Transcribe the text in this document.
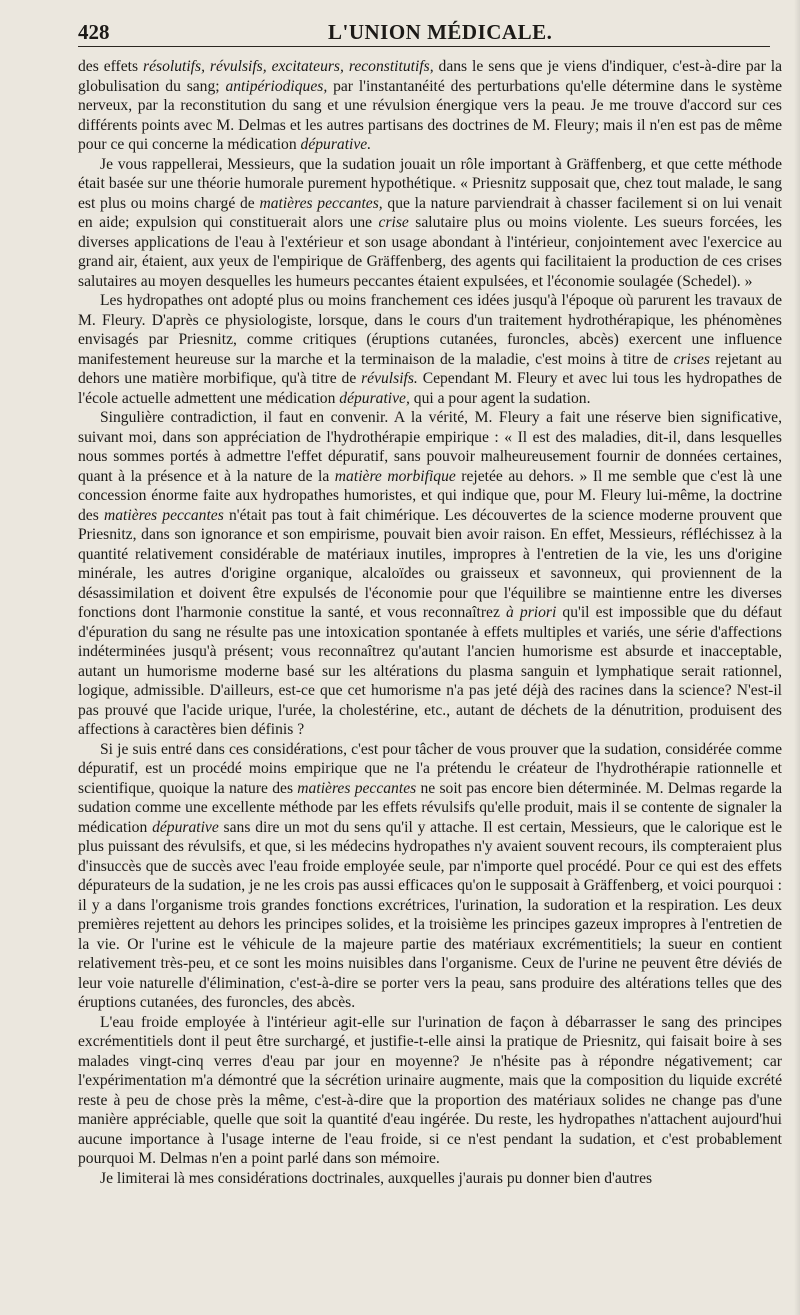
428	L'UNION MÉDICALE.

des effets résolutifs, révulsifs, excitateurs, reconstitutifs, dans le sens que je viens d'indiquer, c'est-à-dire par la globulisation du sang; antipériodiques, par l'instantanéité des perturbations qu'elle détermine dans le système nerveux, par la reconstitution du sang et une révulsion énergique vers la peau. Je me trouve d'accord sur ces différents points avec M. Delmas et les autres partisans des doctrines de M. Fleury; mais il n'en est pas de même pour ce qui concerne la médication dépurative.

Je vous rappellerai, Messieurs, que la sudation jouait un rôle important à Gräffenberg, et que cette méthode était basée sur une théorie humorale purement hypothétique. « Priesnitz supposait que, chez tout malade, le sang est plus ou moins chargé de matières peccantes, que la nature parviendrait à chasser facilement si on lui venait en aide; expulsion qui constituerait alors une crise salutaire plus ou moins violente. Les sueurs forcées, les diverses applications de l'eau à l'extérieur et son usage abondant à l'intérieur, conjointement avec l'exercice au grand air, étaient, aux yeux de l'empirique de Gräffenberg, des agents qui facilitaient la production de ces crises salutaires au moyen desquelles les humeurs peccantes étaient expulsées, et l'économie soulagée (Schedel). »

Les hydropathes ont adopté plus ou moins franchement ces idées jusqu'à l'époque où parurent les travaux de M. Fleury. D'après ce physiologiste, lorsque, dans le cours d'un traitement hydrothérapique, les phénomènes envisagés par Priesnitz, comme critiques (éruptions cutanées, furoncles, abcès) exercent une influence manifestement heureuse sur la marche et la terminaison de la maladie, c'est moins à titre de crises rejetant au dehors une matière morbifique, qu'à titre de révulsifs. Cependant M. Fleury et avec lui tous les hydropathes de l'école actuelle admettent une médication dépurative, qui a pour agent la sudation.

Singulière contradiction, il faut en convenir. A la vérité, M. Fleury a fait une réserve bien significative, suivant moi, dans son appréciation de l'hydrothérapie empirique : « Il est des maladies, dit-il, dans lesquelles nous sommes portés à admettre l'effet dépuratif, sans pouvoir malheureusement fournir de données certaines, quant à la présence et à la nature de la matière morbifique rejetée au dehors. » Il me semble que c'est là une concession énorme faite aux hydropathes humoristes, et qui indique que, pour M. Fleury lui-même, la doctrine des matières peccantes n'était pas tout à fait chimérique. Les découvertes de la science moderne prouvent que Priesnitz, dans son ignorance et son empirisme, pouvait bien avoir raison. En effet, Messieurs, réfléchissez à la quantité relativement considérable de matériaux inutiles, impropres à l'entretien de la vie, les uns d'origine minérale, les autres d'origine organique, alcaloïdes ou graisseux et savonneux, qui proviennent de la désassimilation et doivent être expulsés de l'économie pour que l'équilibre se maintienne entre les diverses fonctions dont l'harmonie constitue la santé, et vous reconnaîtrez à priori qu'il est impossible que du défaut d'épuration du sang ne résulte pas une intoxication spontanée à effets multiples et variés, une série d'affections indéterminées jusqu'à présent; vous reconnaîtrez qu'autant l'ancien humorisme est absurde et inacceptable, autant un humorisme moderne basé sur les altérations du plasma sanguin et lymphatique serait rationnel, logique, admissible. D'ailleurs, est-ce que cet humorisme n'a pas jeté déjà des racines dans la science? N'est-il pas prouvé que l'acide urique, l'urée, la cholestérine, etc., autant de déchets de la dénutrition, produisent des affections à caractères bien définis ?

Si je suis entré dans ces considérations, c'est pour tâcher de vous prouver que la sudation, considérée comme dépuratif, est un procédé moins empirique que ne l'a prétendu le créateur de l'hydrothérapie rationnelle et scientifique, quoique la nature des matières peccantes ne soit pas encore bien déterminée. M. Delmas regarde la sudation comme une excellente méthode par les effets révulsifs qu'elle produit, mais il se contente de signaler la médication dépurative sans dire un mot du sens qu'il y attache. Il est certain, Messieurs, que le calorique est le plus puissant des révulsifs, et que, si les médecins hydropathes n'y avaient souvent recours, ils compteraient plus d'insuccès que de succès avec l'eau froide employée seule, par n'importe quel procédé. Pour ce qui est des effets dépurateurs de la sudation, je ne les crois pas aussi efficaces qu'on le supposait à Gräffenberg, et voici pourquoi : il y a dans l'organisme trois grandes fonctions excrétrices, l'urination, la sudoration et la respiration. Les deux premières rejettent au dehors les principes solides, et la troisième les principes gazeux impropres à l'entretien de la vie. Or l'urine est le véhicule de la majeure partie des matériaux excrémentitiels; la sueur en contient relativement très-peu, et ce sont les moins nuisibles dans l'organisme. Ceux de l'urine ne peuvent être déviés de leur voie naturelle d'élimination, c'est-à-dire se porter vers la peau, sans produire des altérations telles que des éruptions cutanées, des furoncles, des abcès.

L'eau froide employée à l'intérieur agit-elle sur l'urination de façon à débarrasser le sang des principes excrémentitiels dont il peut être surchargé, et justifie-t-elle ainsi la pratique de Priesnitz, qui faisait boire à ses malades vingt-cinq verres d'eau par jour en moyenne? Je n'hésite pas à répondre négativement; car l'expérimentation m'a démontré que la sécrétion urinaire augmente, mais que la composition du liquide excrété reste à peu de chose près la même, c'est-à-dire que la proportion des matériaux solides ne change pas d'une manière appréciable, quelle que soit la quantité d'eau ingérée. Du reste, les hydropathes n'attachent aujourd'hui aucune importance à l'usage interne de l'eau froide, si ce n'est pendant la sudation, et c'est probablement pourquoi M. Delmas n'en a point parlé dans son mémoire.

Je limiterai là mes considérations doctrinales, auxquelles j'aurais pu donner bien d'autres
